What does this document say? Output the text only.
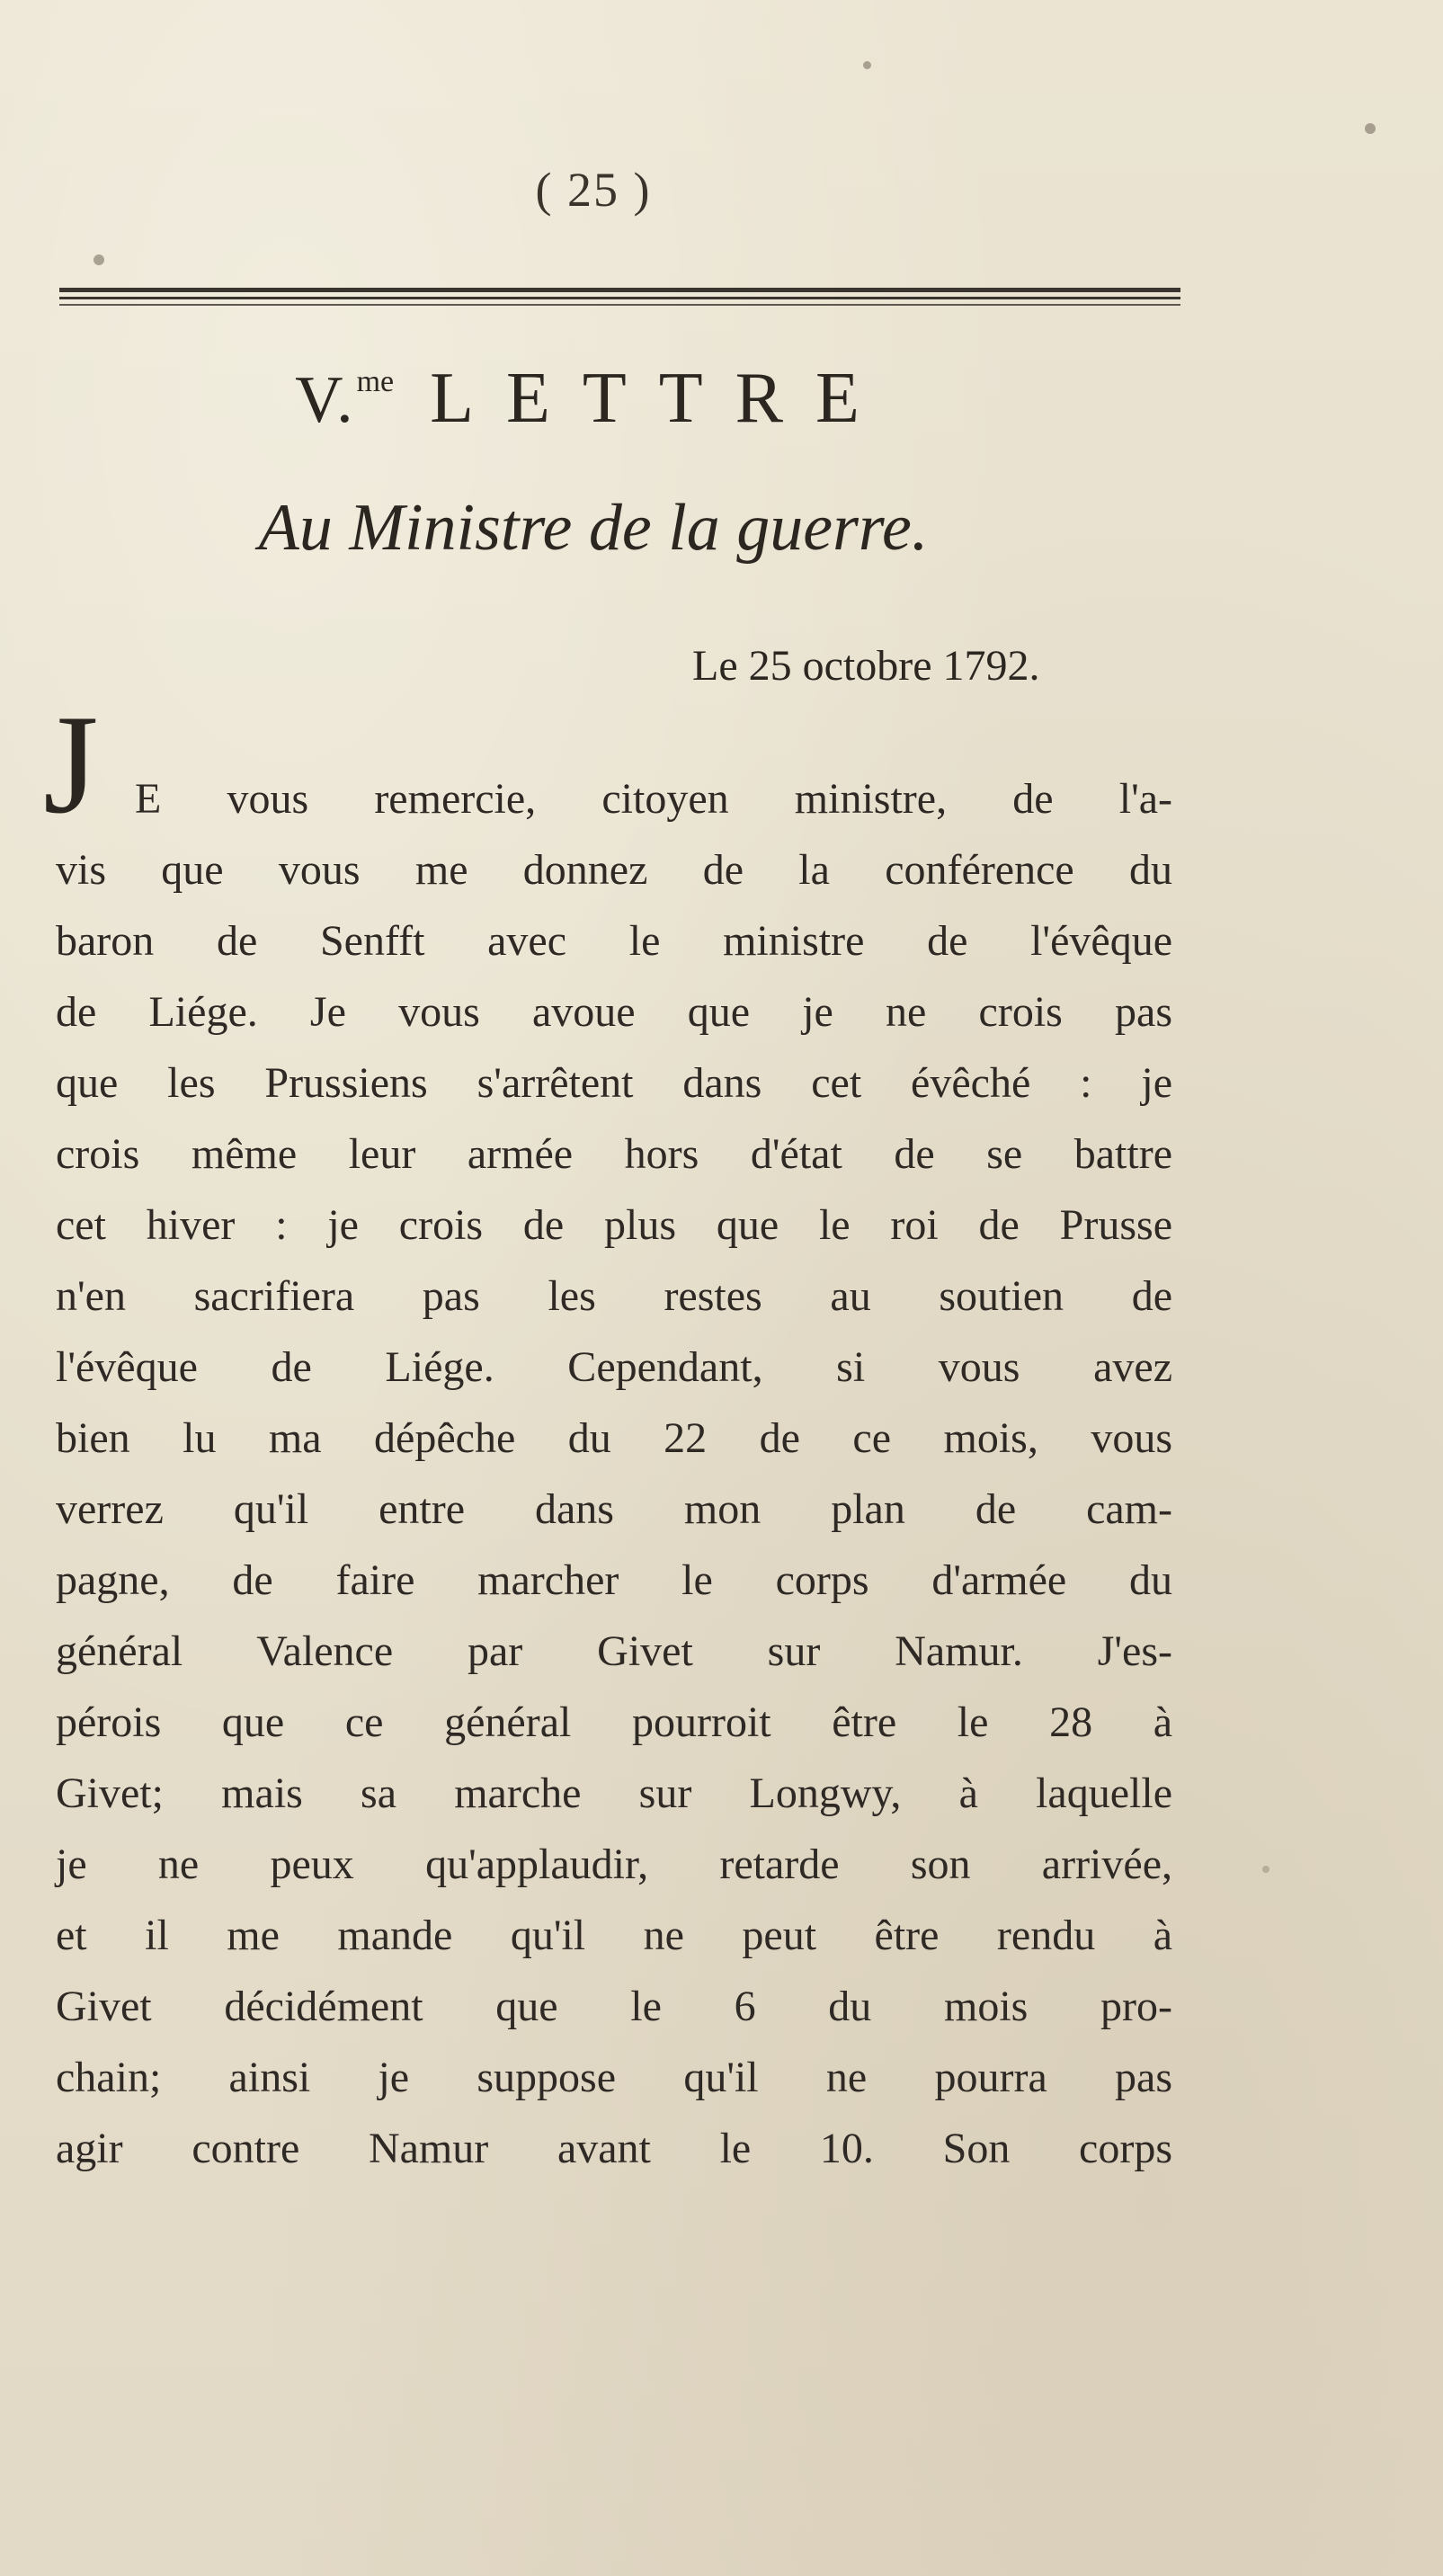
( 25 )
V.$^{me}$ LETTRE
Au Ministre de la guerre.
Le 25 octobre 1792.
J E vous remercie, citoyen ministre, de l'a-
vis que vous me donnez de la conférence du
baron de Senfft avec le ministre de l'évêque
de Liége. Je vous avoue que je ne crois pas
que les Prussiens s'arrêtent dans cet évêché : je
crois même leur armée hors d'état de se battre
cet hiver : je crois de plus que le roi de Prusse
n'en sacrifiera pas les restes au soutien de
l'évêque de Liége. Cependant, si vous avez
bien lu ma dépêche du 22 de ce mois, vous
verrez qu'il entre dans mon plan de cam-
pagne, de faire marcher le corps d'armée du
général Valence par Givet sur Namur. J'es-
pérois que ce général pourroit être le 28 à
Givet; mais sa marche sur Longwy, à laquelle
je ne peux qu'applaudir, retarde son arrivée,
et il me mande qu'il ne peut être rendu à
Givet décidément que le 6 du mois pro-
chain; ainsi je suppose qu'il ne pourra pas
agir contre Namur avant le 10. Son corps
